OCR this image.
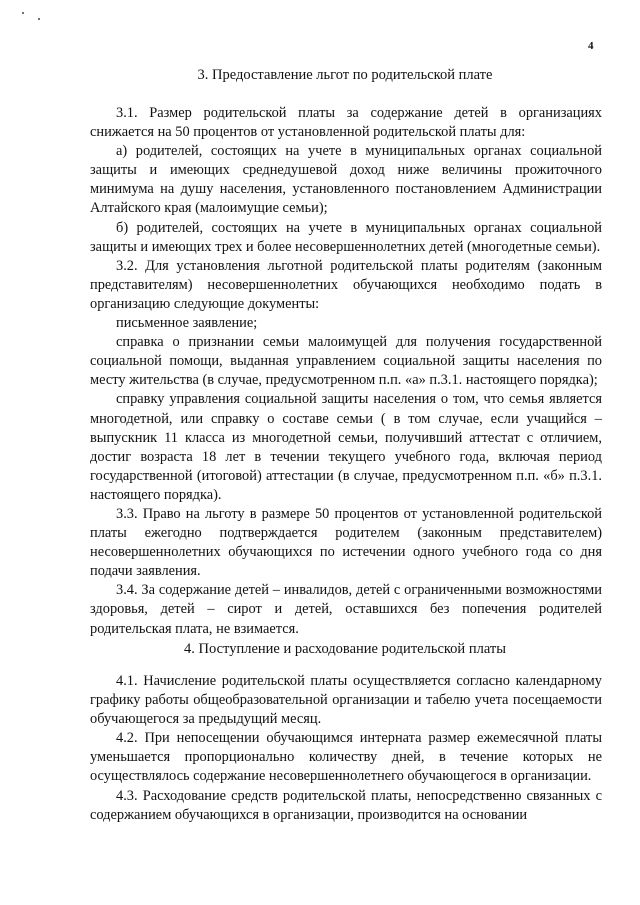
4
3. Предоставление льгот по родительской плате

3.1. Размер родительской платы за содержание детей в организациях снижается на 50 процентов от установленной родительской платы для:

а) родителей, состоящих на учете в муниципальных органах социальной защиты и имеющих среднедушевой доход ниже величины прожиточного минимума на душу населения, установленного постановлением Администрации Алтайского края (малоимущие семьи);

б) родителей, состоящих на учете в муниципальных органах социальной защиты и имеющих трех и более несовершеннолетних детей (многодетные семьи).

3.2. Для установления льготной родительской платы родителям (законным представителям) несовершеннолетних обучающихся необходимо подать в организацию следующие документы:

письменное заявление;

справка о признании семьи малоимущей для получения государственной социальной помощи, выданная управлением социальной защиты населения по месту жительства (в случае, предусмотренном п.п. «а» п.3.1. настоящего порядка);

справку управления социальной защиты населения о том, что семья является многодетной, или справку о составе семьи ( в том случае, если учащийся – выпускник 11 класса из многодетной семьи, получивший аттестат с отличием, достиг возраста 18 лет в течении текущего учебного года, включая период государственной (итоговой) аттестации (в случае, предусмотренном п.п. «б» п.3.1. настоящего порядка).

3.3. Право на льготу в размере 50 процентов от установленной родительской платы ежегодно подтверждается родителем (законным представителем) несовершеннолетних обучающихся по истечении одного учебного года со дня подачи заявления.

3.4. За содержание детей – инвалидов, детей с ограниченными возможностями здоровья, детей – сирот и детей, оставшихся без попечения родителей родительская плата, не взимается.

4. Поступление и расходование родительской платы

4.1. Начисление родительской платы осуществляется согласно календарному графику работы общеобразовательной организации и табелю учета посещаемости обучающегося за предыдущий месяц.

4.2. При непосещении обучающимся интерната размер ежемесячной платы уменьшается пропорционально количеству дней, в течение которых не осуществлялось содержание несовершеннолетнего обучающегося в организации.

4.3. Расходование средств родительской платы, непосредственно связанных с содержанием обучающихся в организации, производится на основании
